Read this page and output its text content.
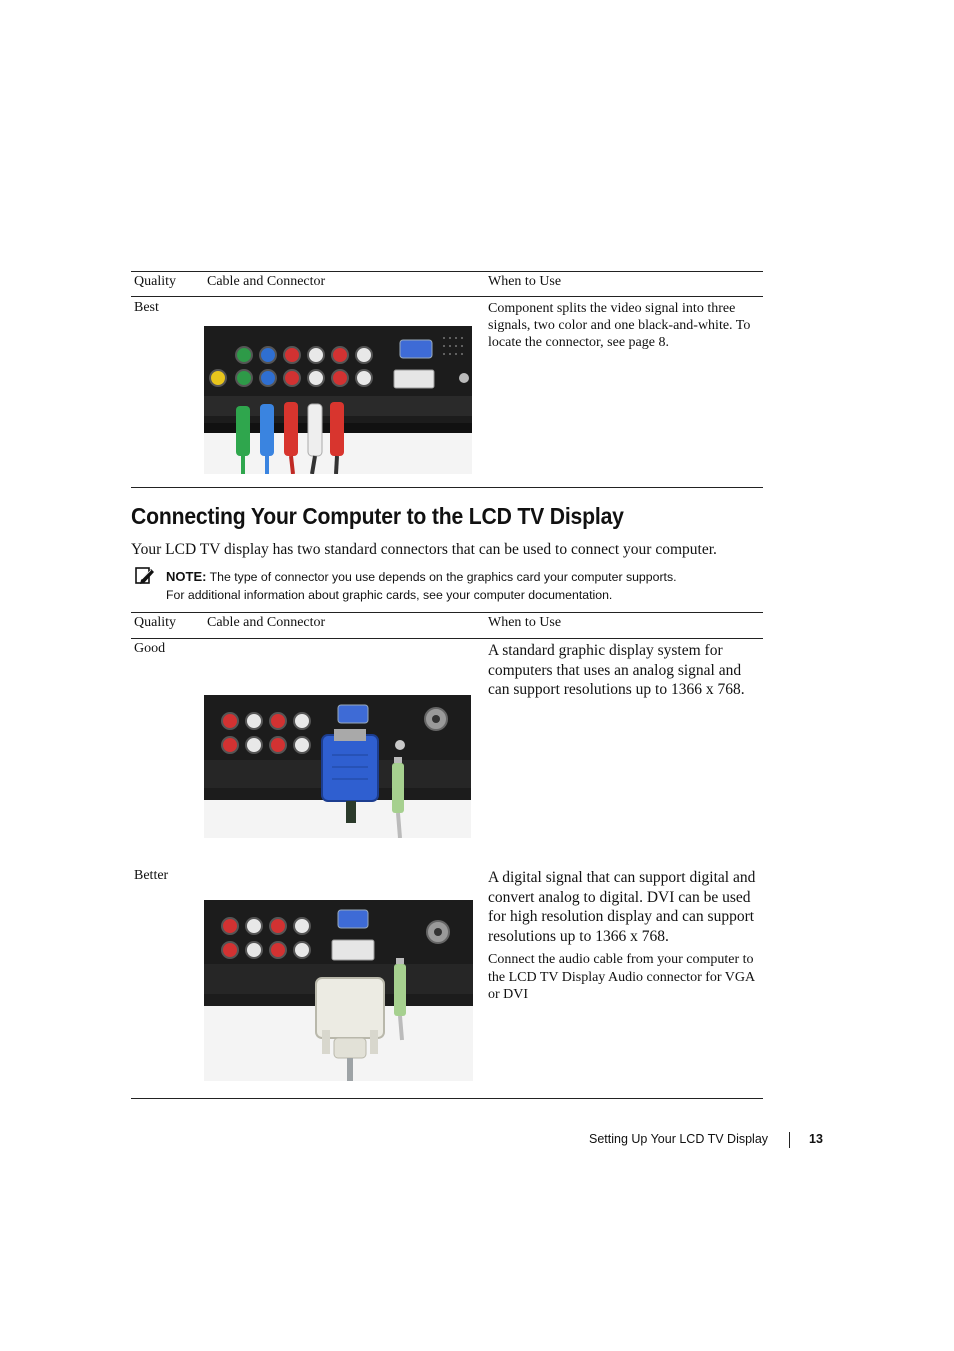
Quality Cable and Connector	When to Use
Best	Component splits the video signal into three signals, two color and one black-and-white. To locate the connector, see page 8.
Connecting Your Computer to the LCD TV Display
Your LCD TV display has two standard connectors that can be used to connect your computer.
NOTE: The type of connector you use depends on the graphics card your computer supports.
For additional information about graphic cards, see your computer documentation.
Quality Cable and Connector	When to Use
Good	A standard graphic display system for computers that uses an analog signal and can support resolutions up to 1366 x 768.
Better	A digital signal that can support digital and convert analog to digital. DVI can be used for high resolution display and can support resolutions up to 1366 x 768.
Connect the audio cable from your computer to the LCD TV Display Audio connector for VGA or DVI
Setting Up Your LCD TV Display	13
